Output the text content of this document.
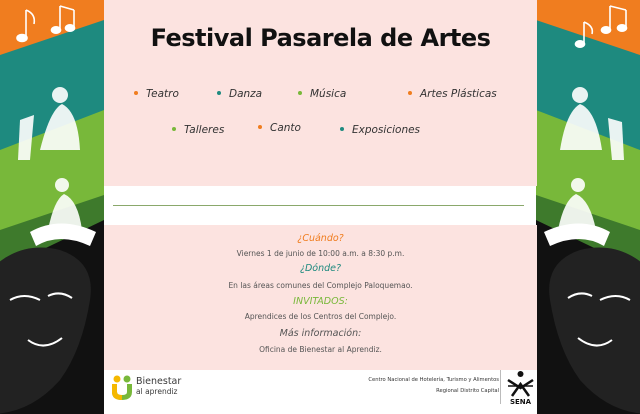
Festival Pasarela de Artes
Teatro	Danza	Música	Artes Plásticas
Talleres	Canto	Exposiciones
¿Cuándo?
Viernes 1 de junio de 10:00 a.m. a 8:30 p.m.
¿Dónde?
En las áreas comunes del Complejo Paloquemao.
INVITADOS:
Aprendices de los Centros del Complejo.
Más información:
Oficina de Bienestar al Aprendiz.
Bienestar
al aprendiz
Centro Nacional de Hotelería, Turismo y Alimentos
Regional Distrito Capital
SENA
